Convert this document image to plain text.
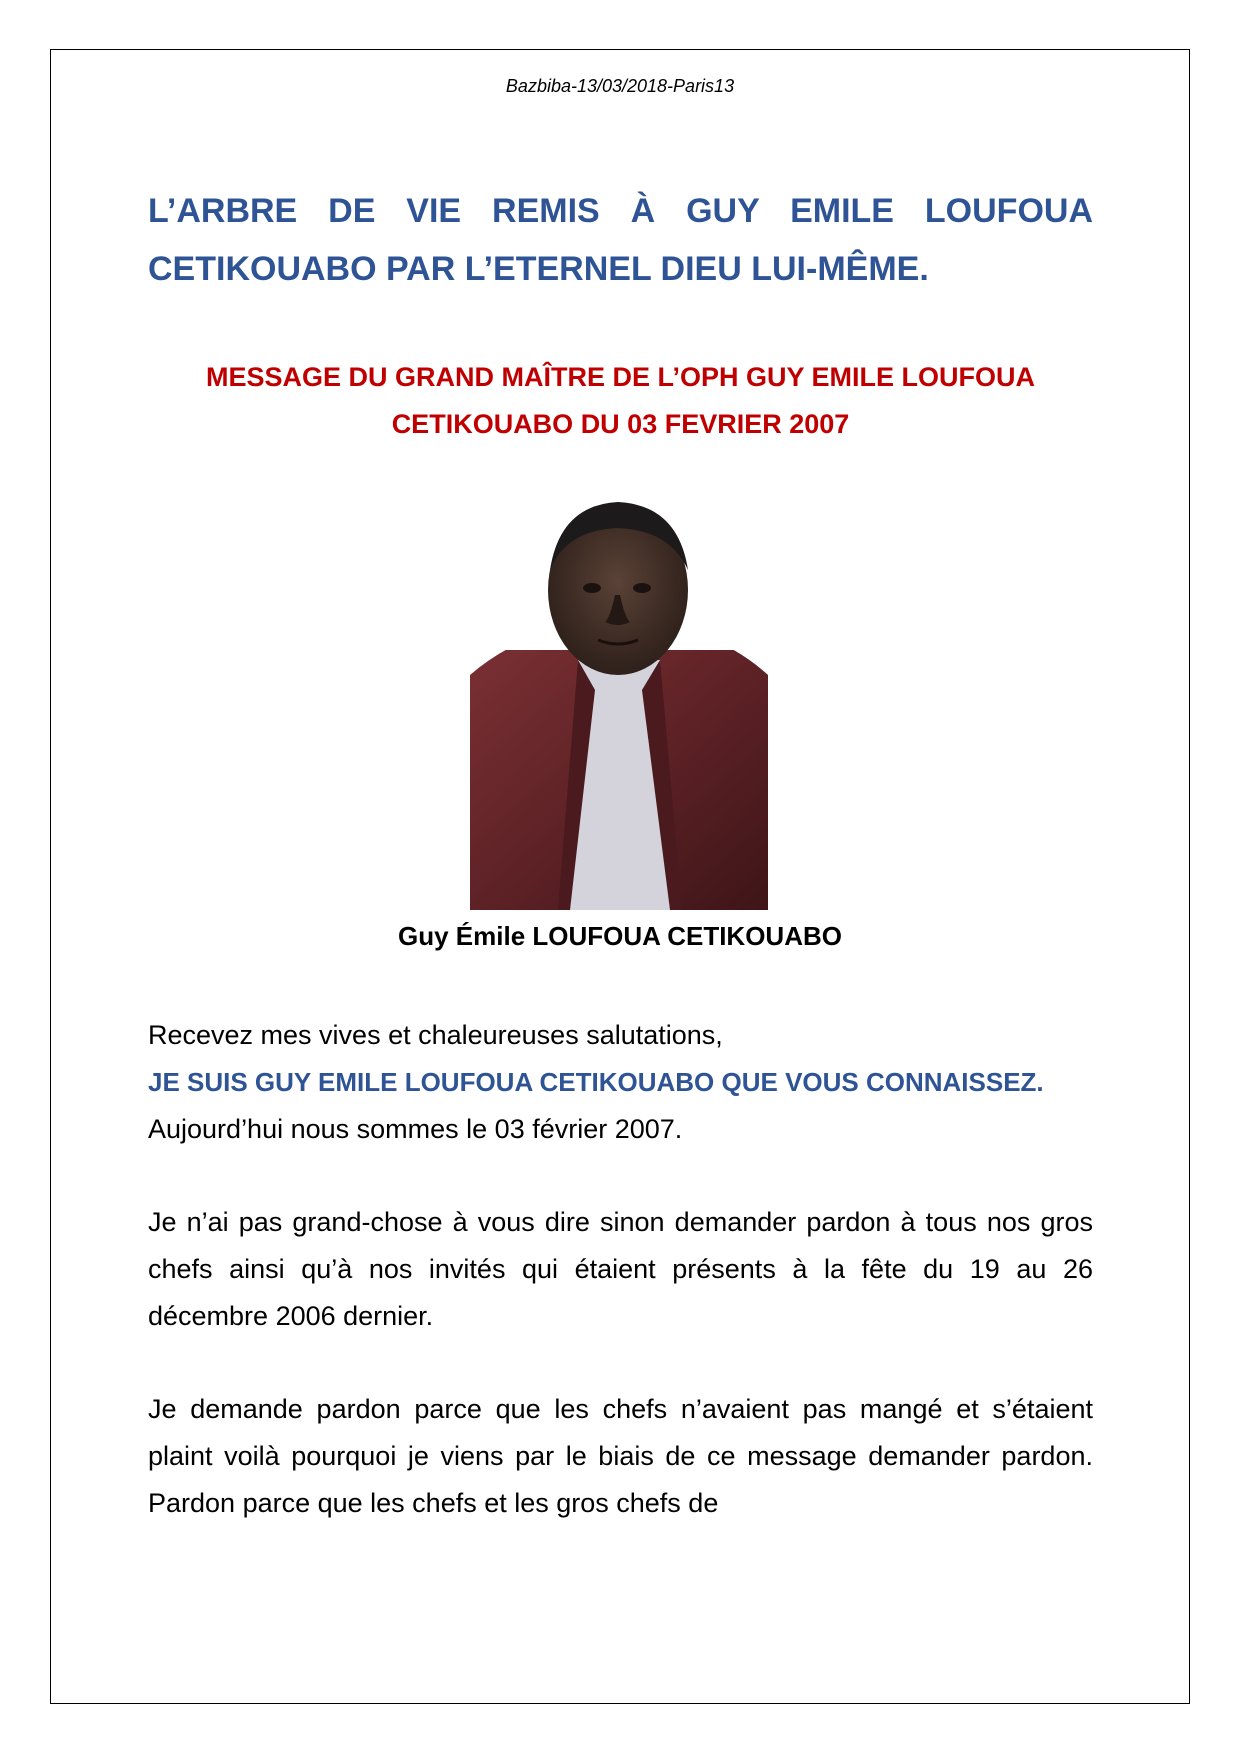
Bazbiba-13/03/2018-Paris13
L’ARBRE DE VIE REMIS À GUY EMILE LOUFOUA
CETIKOUABO PAR L’ETERNEL DIEU LUI-MÊME.
MESSAGE DU GRAND MAÎTRE DE L’OPH GUY EMILE LOUFOUA
CETIKOUABO DU 03 FEVRIER 2007
Guy Émile LOUFOUA CETIKOUABO

Recevez mes vives et chaleureuses salutations,

JE SUIS GUY EMILE LOUFOUA CETIKOUABO QUE VOUS CONNAISSEZ.

Aujourd’hui nous sommes le 03 février 2007.

Je n’ai pas grand-chose à vous dire sinon demander pardon à tous nos gros chefs ainsi qu’à nos invités qui étaient présents à la fête du 19 au 26 décembre 2006 dernier.

Je demande pardon parce que les chefs n’avaient pas mangé et s’étaient plaint voilà pourquoi je viens par le biais de ce message demander pardon. Pardon parce que les chefs et les gros chefs de
